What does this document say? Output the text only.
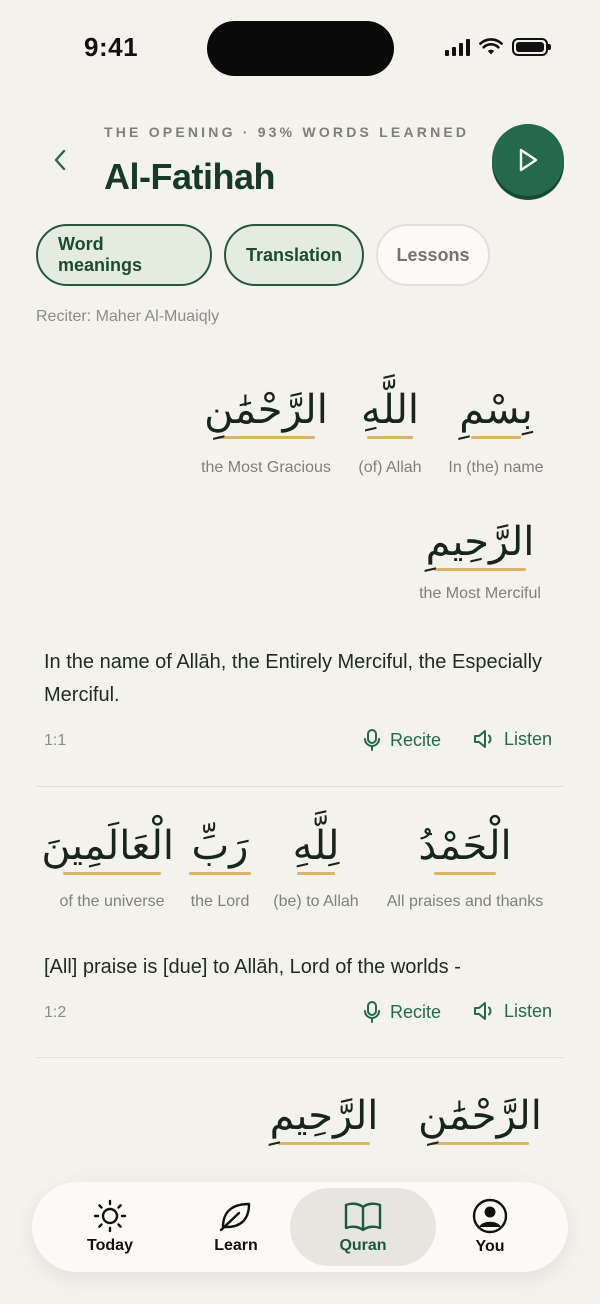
9:41
THE OPENING · 93% WORDS LEARNED
Al-Fatihah
Word meanings
Translation	Lessons
Reciter: Maher Al-Muaiqly
بِسْمِ
In (the) name
اللَّهِ
(of) Allah
الرَّحْمَٰنِ
the Most Gracious
الرَّحِيمِ
the Most Merciful
In the name of Allāh, the Entirely Merciful, the Especially Merciful.
1:1	Recite	Listen
الْحَمْدُ
All praises and thanks
لِلَّهِ
(be) to Allah
رَبِّ
the Lord
الْعَالَمِينَ
of the universe
[All] praise is [due] to Allāh, Lord of the worlds -
1:2	Recite	Listen
الرَّحْمَٰنِ
الرَّحِيمِ
Today	Learn	Quran	You
